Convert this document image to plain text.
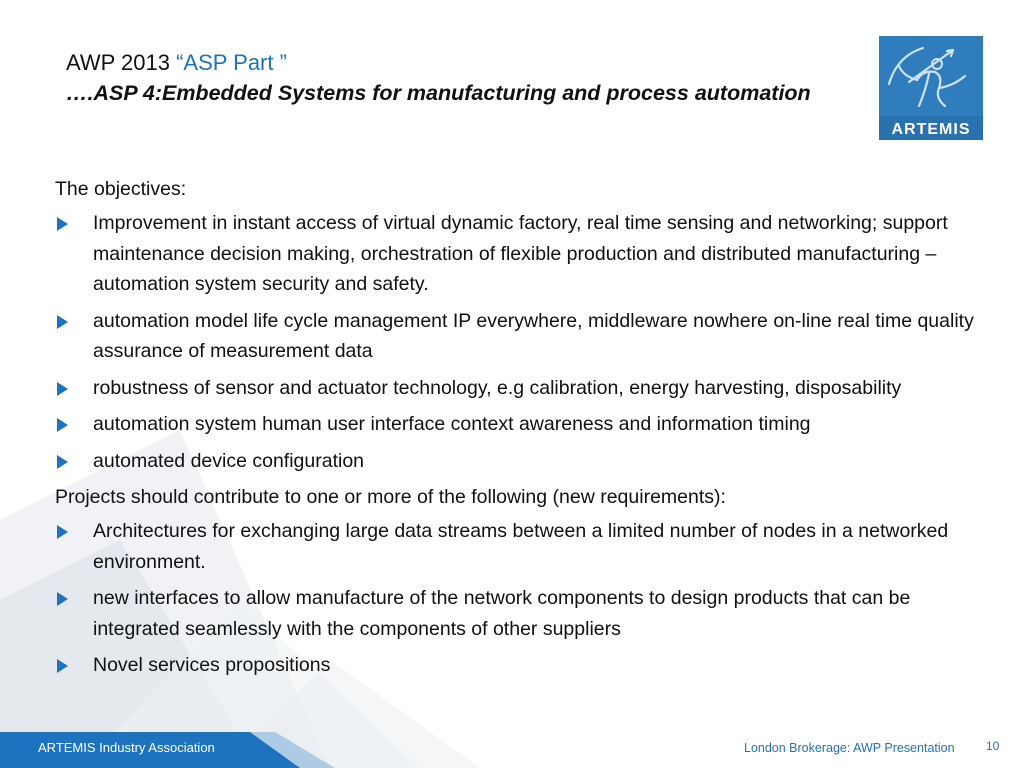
AWP 2013 “ASP Part ”
….ASP 4:Embedded Systems for manufacturing and process automation
ARTEMIS
The objectives:
Improvement in instant access of virtual dynamic factory, real time sensing and networking; support maintenance decision making, orchestration of flexible production and distributed manufacturing – automation system security and safety.
automation model life cycle management IP everywhere, middleware nowhere on-line real time quality assurance of measurement data
robustness of sensor and actuator technology, e.g calibration, energy harvesting, disposability
automation system human user interface context awareness and information timing
automated device configuration
Projects should contribute to one or more of the following (new requirements):
Architectures for exchanging large data streams between a limited number of nodes in a networked environment.
new interfaces to allow manufacture of the network components to design products that can be integrated seamlessly with the components of other suppliers
Novel services propositions
ARTEMIS Industry Association	London Brokerage: AWP Presentation	10
